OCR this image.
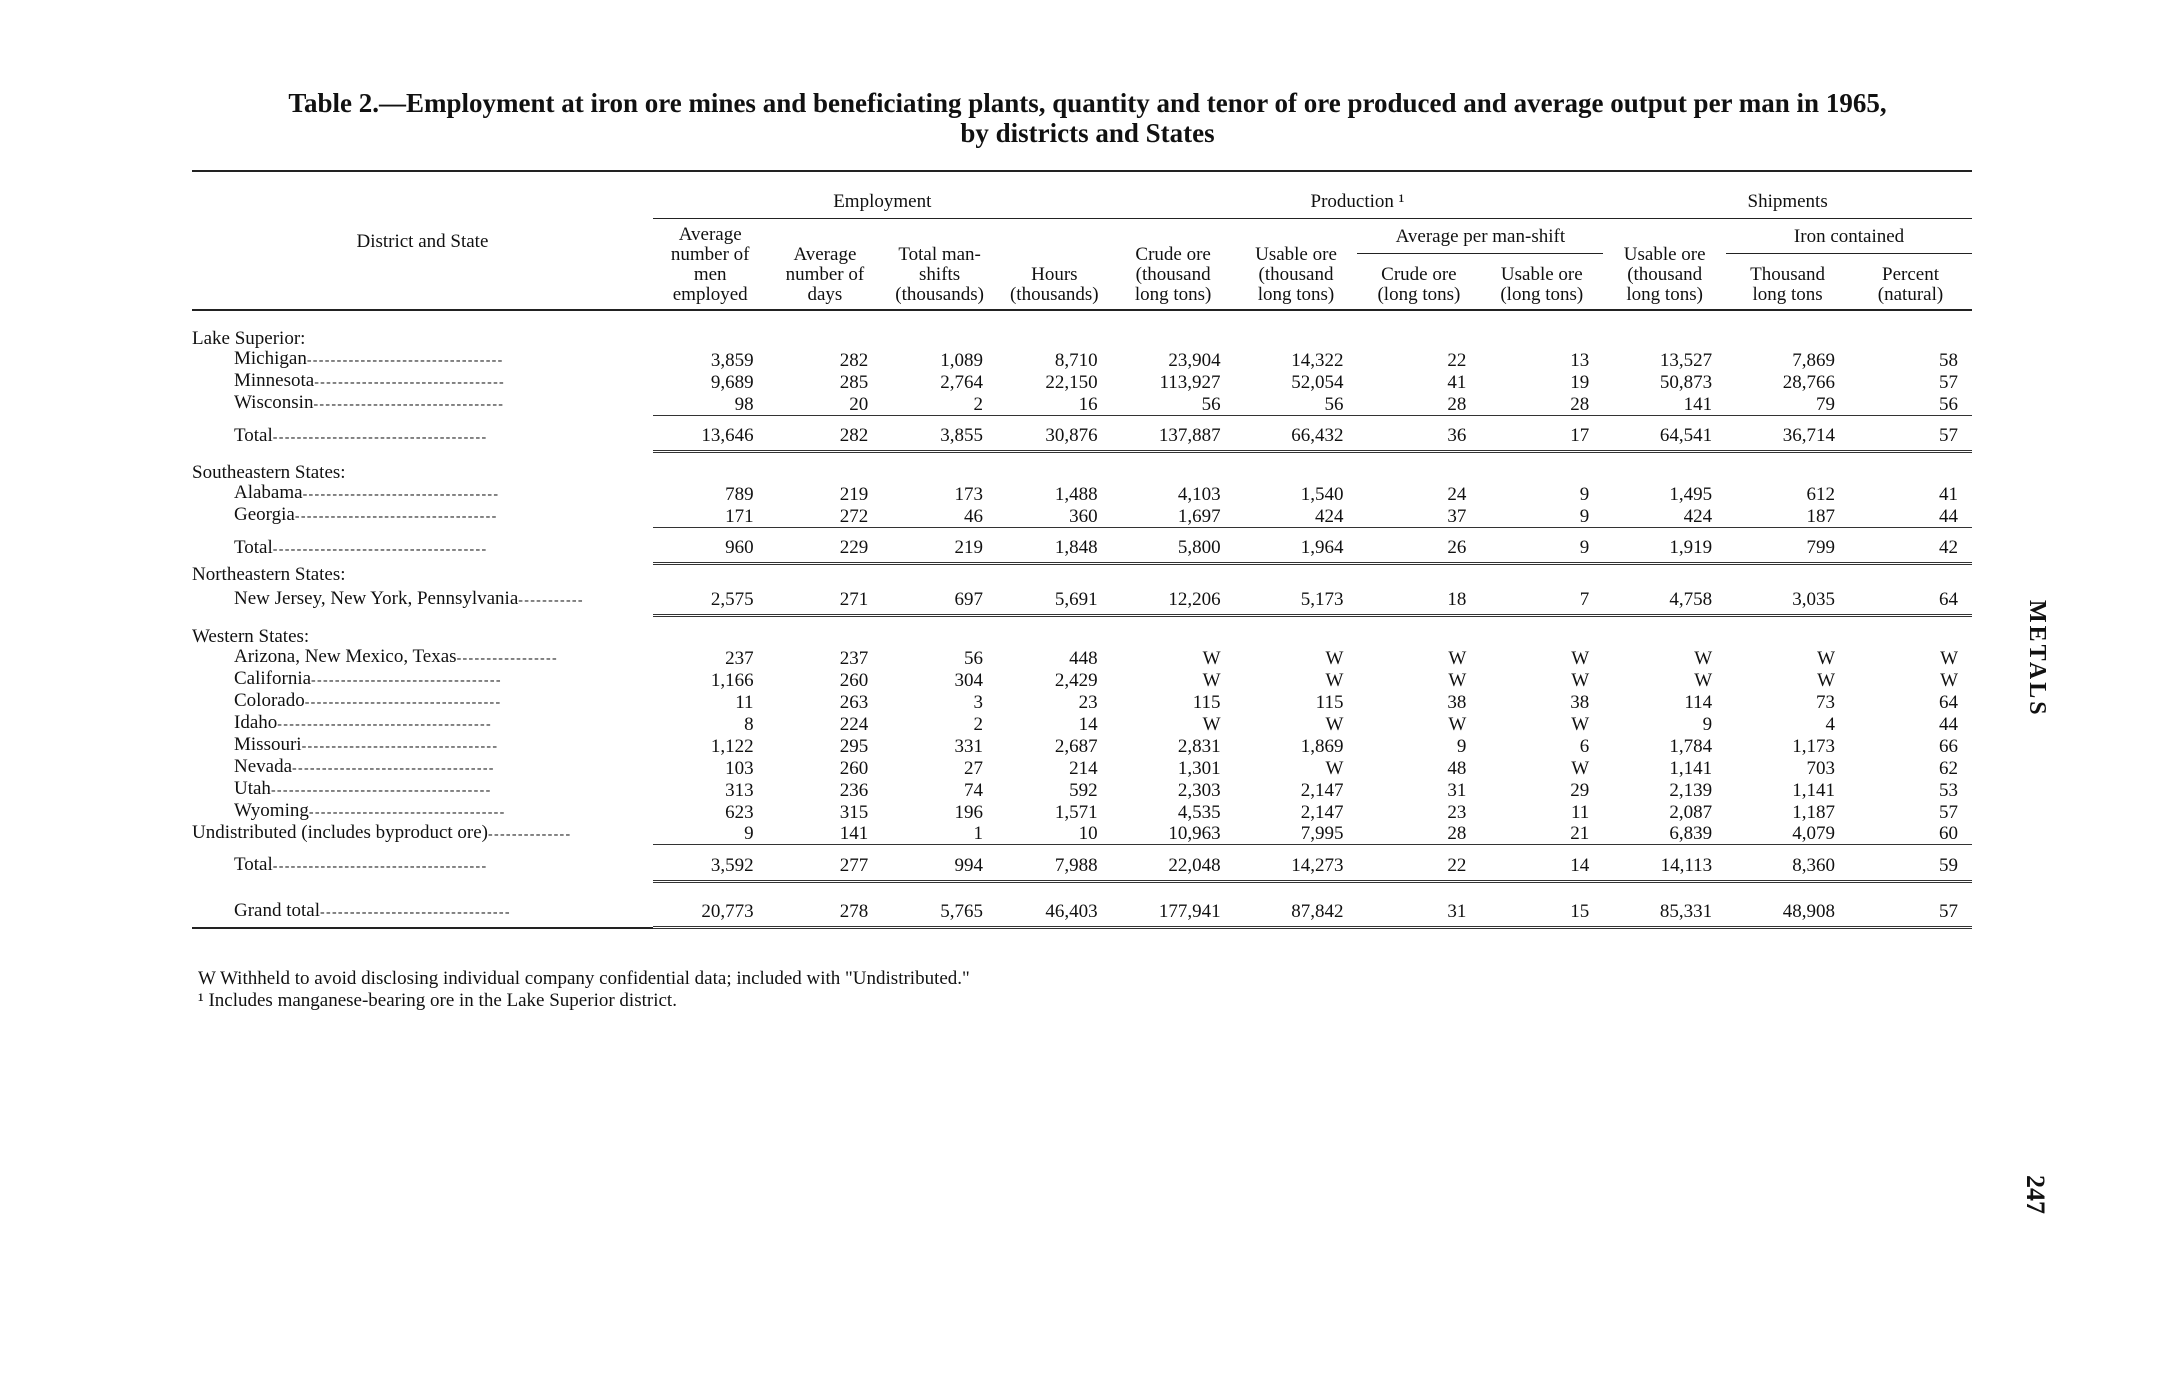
Table 2.—Employment at iron ore mines and beneficiating plants, quantity and tenor of ore produced and average output per man in 1965,
by districts and States
METALS
247

District and State	Employment				Production ¹				Shipments		
	Average number of men employed	Average number of days	Total man-shifts (thousands)	Hours (thousands)	Crude ore (thousand long tons)	Usable ore (thousand long tons)	Average per man-shift		Usable ore (thousand long tons)	Iron contained	
							Crude ore (long tons)	Usable ore (long tons)		Thousand long tons	Percent (natural)

Lake Superior:											
Michigan---------------------------------	3,859	282	1,089	8,710	23,904	14,322	22	13	13,527	7,869	58
Minnesota--------------------------------	9,689	285	2,764	22,150	113,927	52,054	41	19	50,873	28,766	57
Wisconsin--------------------------------	98	20	2	16	56	56	28	28	141	79	56

Total------------------------------------	13,646	282	3,855	30,876	137,887	66,432	36	17	64,541	36,714	57

Southeastern States:											
Alabama---------------------------------	789	219	173	1,488	4,103	1,540	24	9	1,495	612	41
Georgia----------------------------------	171	272	46	360	1,697	424	37	9	424	187	44

Total------------------------------------	960	229	219	1,848	5,800	1,964	26	9	1,919	799	42

Northeastern States:											
New Jersey, New York, Pennsylvania-----------	2,575	271	697	5,691	12,206	5,173	18	7	4,758	3,035	64

Western States:											
Arizona, New Mexico, Texas-----------------	237	237	56	448	W	W	W	W	W	W	W
California--------------------------------	1,166	260	304	2,429	W	W	W	W	W	W	W
Colorado---------------------------------	11	263	3	23	115	115	38	38	114	73	64
Idaho------------------------------------	8	224	2	14	W	W	W	W	9	4	44
Missouri---------------------------------	1,122	295	331	2,687	2,831	1,869	9	6	1,784	1,173	66
Nevada----------------------------------	103	260	27	214	1,301	W	48	W	1,141	703	62
Utah-------------------------------------	313	236	74	592	2,303	2,147	31	29	2,139	1,141	53
Wyoming---------------------------------	623	315	196	1,571	4,535	2,147	23	11	2,087	1,187	57
Undistributed (includes byproduct ore)--------------	9	141	1	10	10,963	7,995	28	21	6,839	4,079	60

Total------------------------------------	3,592	277	994	7,988	22,048	14,273	22	14	14,113	8,360	59

Grand total--------------------------------	20,773	278	5,765	46,403	177,941	87,842	31	15	85,331	48,908	57
W Withheld to avoid disclosing individual company confidential data; included with "Undistributed."
¹ Includes manganese-bearing ore in the Lake Superior district.
